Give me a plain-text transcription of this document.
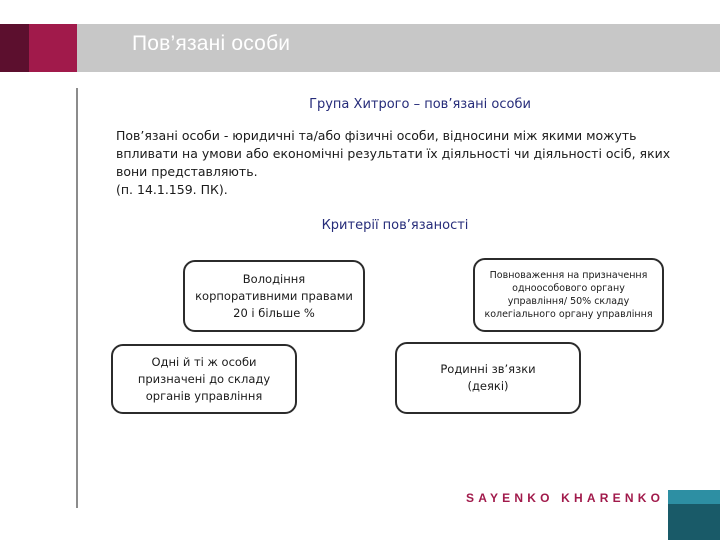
Пов’язані особи
Група Хитрого – пов’язані особи
Пов’язані особи - юридичні та/або фізичні особи, відносини між якими можуть впливати на умови або економічні результати їх діяльності чи діяльності осіб, яких вони представляють.
(п. 14.1.159. ПК).
Критерії пов’язаності
Володіння корпоративними правами 20 і більше %
Повноваження на призначення одноособового органу управління/ 50% складу колегіального органу управління
Одні й ті ж особи призначені до складу органів управління
Родинні зв’язки (деякі)
SAYENKO KHARENKO
